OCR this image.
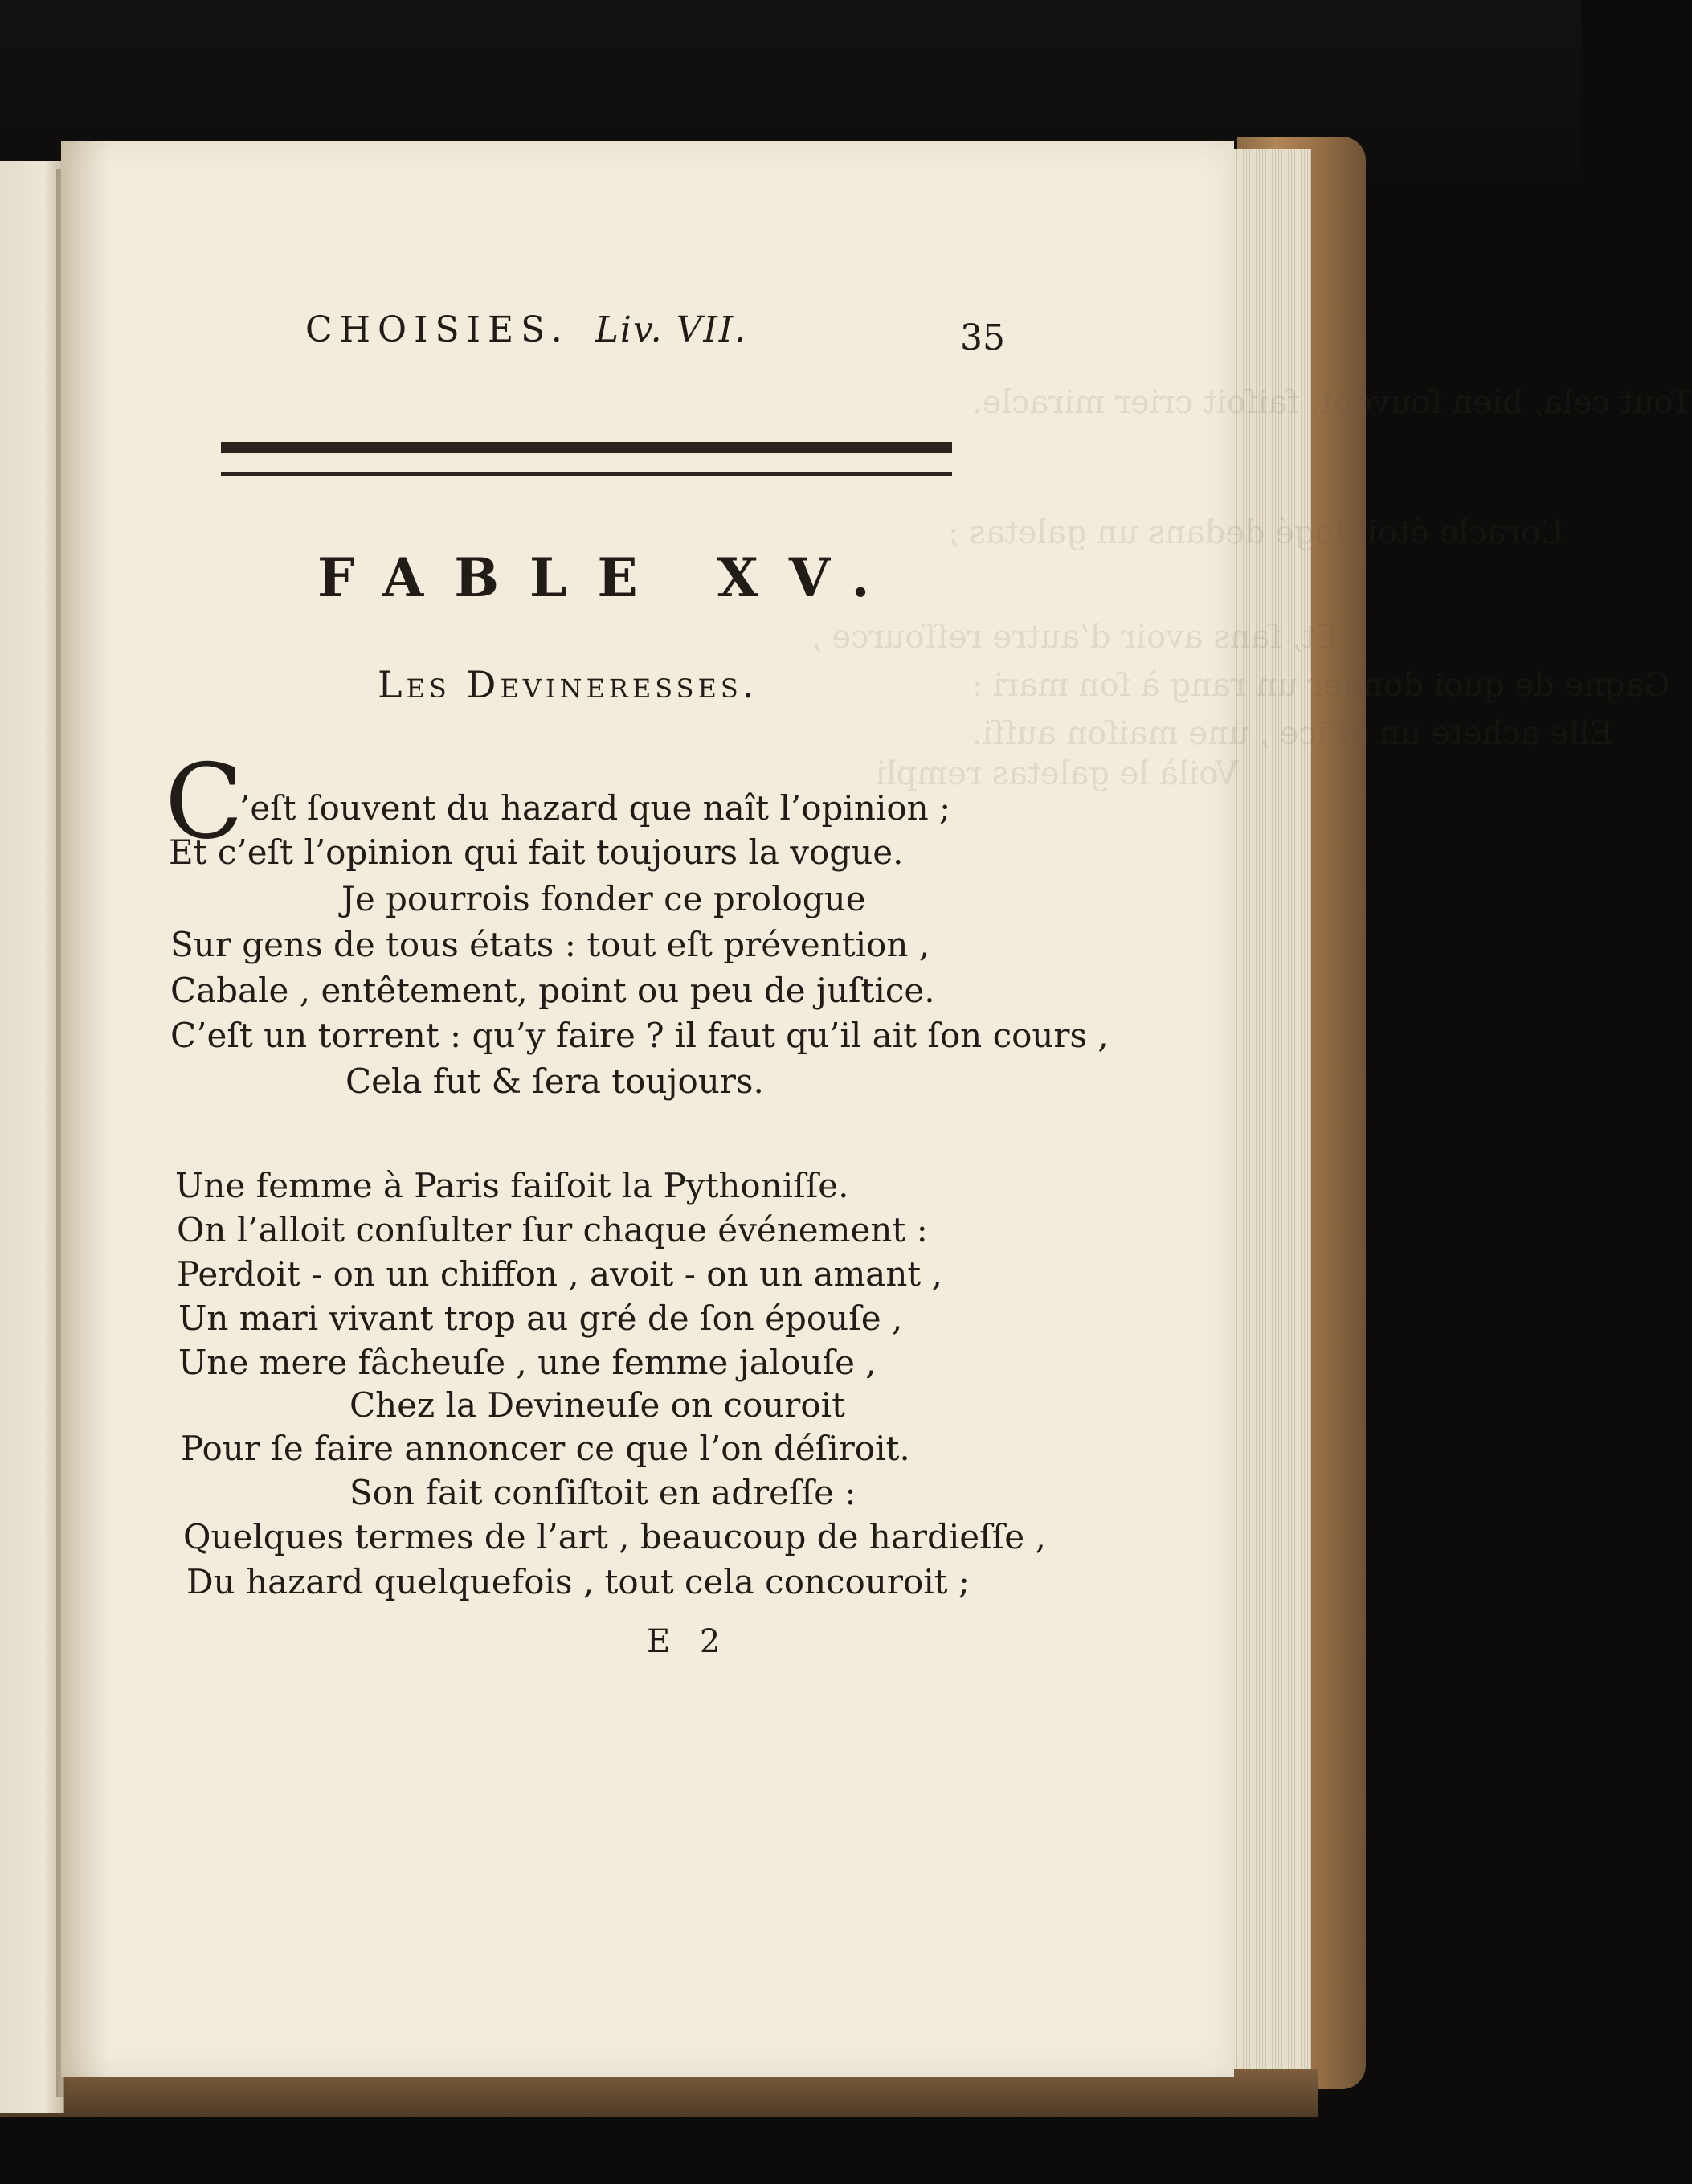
Tout cela, bien ſouvent, faiſoit crier miracle.
L’oracle étoit logé dedans un galetas ;
Et, ſans avoir d’autre reſſource ,
Gagne de quoi donner un rang à ſon mari :
Elle achete un office , une maiſon auſſi.
Voilà le galetas rempli
CHOISIES. Liv. VII.	35
FABLE XV.
Les Devineresses.
C
’eſt ſouvent du hazard que naît l’opinion ;
Et c’eſt l’opinion qui fait toujours la vogue.
Je pourrois fonder ce prologue
Sur gens de tous états : tout eſt prévention ,
Cabale , entêtement, point ou peu de juſtice.
C’eſt un torrent : qu’y faire ? il faut qu’il ait ſon cours ,
Cela fut & ſera toujours.
Une femme à Paris faiſoit la Pythoniſſe.
On l’alloit conſulter ſur chaque événement :
Perdoit - on un chiffon , avoit - on un amant ,
Un mari vivant trop au gré de ſon épouſe ,
Une mere fâcheuſe , une femme jalouſe ,
Chez la Devineuſe on couroit
Pour ſe faire annoncer ce que l’on déſiroit.
Son fait conſiſtoit en adreſſe :
Quelques termes de l’art , beaucoup de hardieſſe ,
Du hazard quelquefois , tout cela concouroit ;
E 2
